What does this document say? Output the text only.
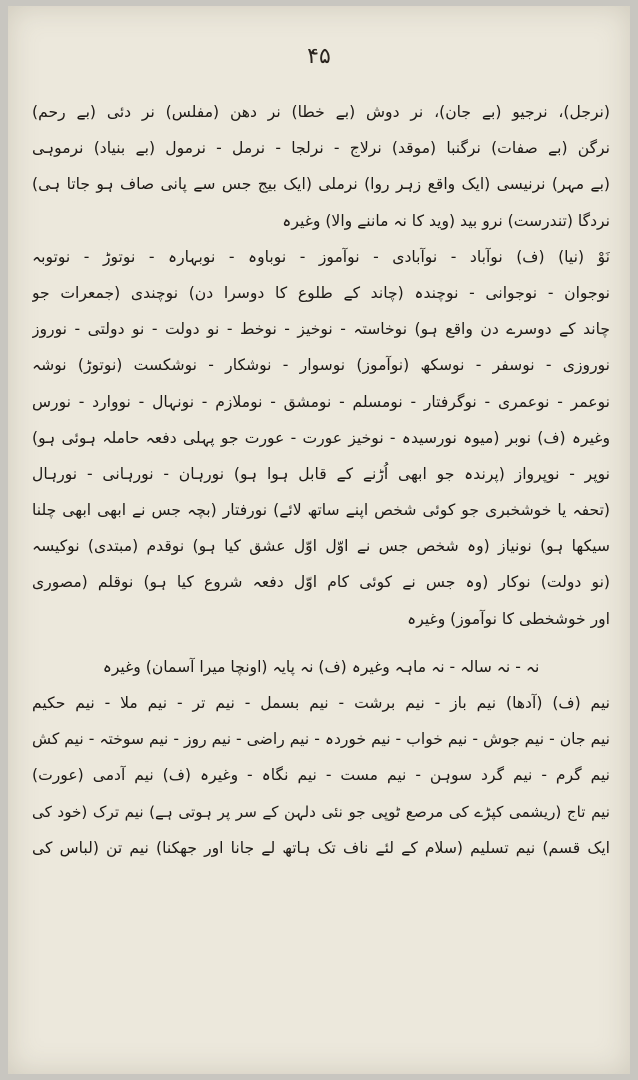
۴۵
(نرجل)، نرجیو (بے جان)، نر دوش (بے خطا) نر دھن (مفلس) نر دئی (بے رحم)
نرگن (بے صفات) نرگنبا (موقد) نرلاج - نرلجا - نرمل - نرمول (بے بنیاد) نرموہی
(بے مہر) نرنیسی (ایک واقع زہر روا) نرملی (ایک بیج جس سے پانی صاف ہو جاتا ہی)
نردگا (تندرست) نرو بید (وید کا نہ ماننے والا) وغیرہ
نَوْ (نیا) (ف) نوآباد - نوآبادی - نوآموز - نوباوہ - نوبہارہ - نوتوڑ - نوتوبہ
نوجوان - نوجوانی - نوچندہ (چاند کے طلوع کا دوسرا دن) نوچندی (جمعرات جو
چاند کے دوسرے دن واقع ہو) نوخاستہ - نوخیز - نوخط - نو دولت - نو دولتی - نوروز
نوروزی - نوسفر - نوسکھ (نوآموز) نوسوار - نوشکار - نوشکست (نوتوڑ) نوشہ
نوعمر - نوعمری - نوگرفتار - نومسلم - نومشق - نوملازم - نونہال - نووارد - نورس
وغیرہ (ف) نوبر (میوہ نورسیدہ - نوخیز عورت - عورت جو پہلی دفعہ حاملہ ہوئی ہو)
نوپر - نوپرواز (پرندہ جو ابھی اُڑنے کے قابل ہوا ہو) نورہان - نورہانی - نورہال
(تحفہ یا خوشخبری جو کوئی شخص اپنے ساتھ لائے) نورفتار (بچہ جس نے ابھی ابھی چلنا
سیکھا ہو) نونیاز (وہ شخص جس نے اوّل اوّل عشق کیا ہو) نوقدم (مبتدی) نوکیسہ
(نو دولت) نوکار (وہ جس نے کوئی کام اوّل دفعہ شروع کیا ہو) نوقلم (مصوری
اور خوشخطی کا نوآموز) وغیرہ
نہ - نہ سالہ - نہ ماہہ وغیرہ (ف) نہ پایہ (اونچا میرا آسمان) وغیرہ
نیم (ف) (آدھا) نیم باز - نیم برشت - نیم بسمل - نیم تر - نیم ملا - نیم حکیم
نیم جان - نیم جوش - نیم خواب - نیم خوردہ - نیم راضی - نیم روز - نیم سوختہ - نیم کش
نیم گرم - نیم گرد سوہن - نیم مست - نیم نگاہ - وغیرہ (ف) نیم آدمی (عورت)
نیم تاج (ریشمی کپڑے کی مرصع ٹوپی جو نئی دلہن کے سر پر ہوتی ہے) نیم ترک (خود کی
ایک قسم) نیم تسلیم (سلام کے لئے ناف تک ہاتھ لے جانا اور جھکنا) نیم تن (لباس کی
